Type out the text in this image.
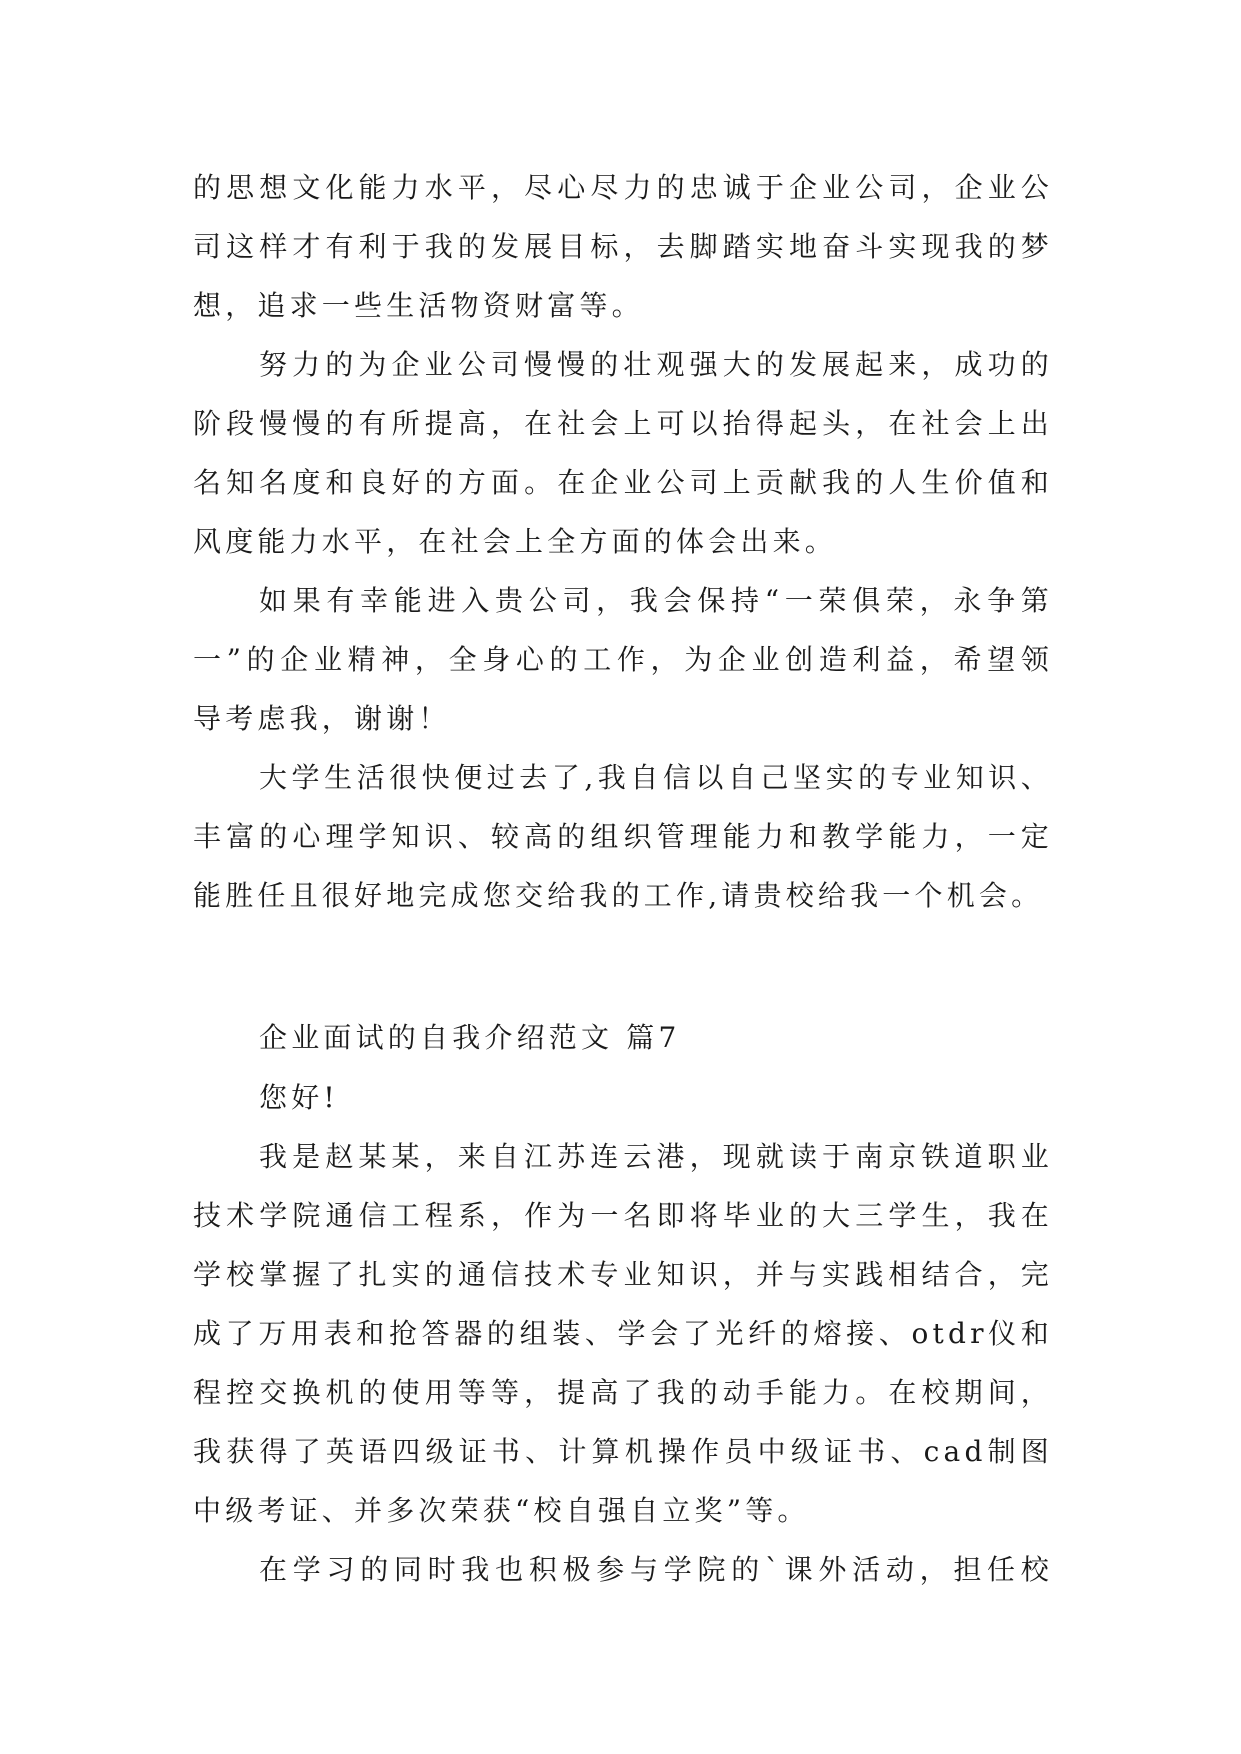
的思想文化能力水平，尽心尽力的忠诚于企业公司，企业公
司这样才有利于我的发展目标，去脚踏实地奋斗实现我的梦
想，追求一些生活物资财富等。
努力的为企业公司慢慢的壮观强大的发展起来，成功的
阶段慢慢的有所提高，在社会上可以抬得起头，在社会上出
名知名度和良好的方面。在企业公司上贡献我的人生价值和
风度能力水平，在社会上全方面的体会出来。
如果有幸能进入贵公司，我会保持“一荣俱荣，永争第
一”的企业精神，全身心的工作，为企业创造利益，希望领
导考虑我，谢谢！
大学生活很快便过去了,我自信以自己坚实的专业知识、
丰富的心理学知识、较高的组织管理能力和教学能力，一定
能胜任且很好地完成您交给我的工作,请贵校给我一个机会。
企业面试的自我介绍范文 篇7
您好!
我是赵某某，来自江苏连云港，现就读于南京铁道职业
技术学院通信工程系，作为一名即将毕业的大三学生，我在
学校掌握了扎实的通信技术专业知识，并与实践相结合，完
成了万用表和抢答器的组装、学会了光纤的熔接、otdr仪和
程控交换机的使用等等，提高了我的动手能力。在校期间，
我获得了英语四级证书、计算机操作员中级证书、cad制图
中级考证、并多次荣获“校自强自立奖”等。
在学习的同时我也积极参与学院的`课外活动，担任校
